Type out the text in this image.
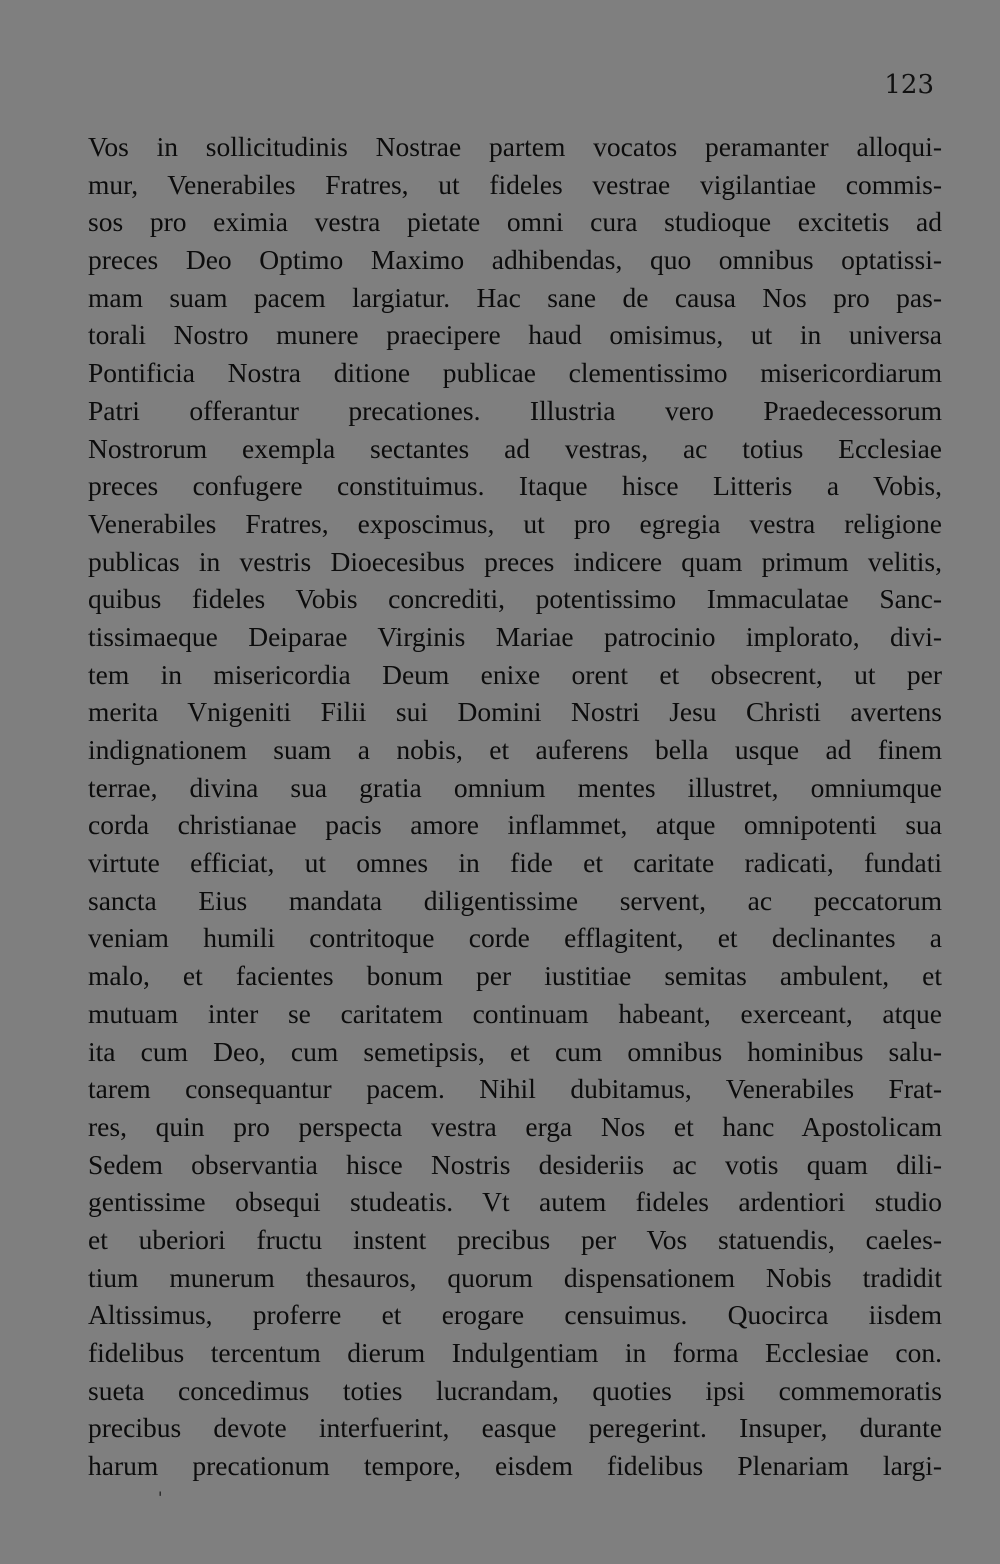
123
Vos in sollicitudinis Nostrae partem vocatos peramanter alloqui-
mur, Venerabiles Fratres, ut fideles vestrae vigilantiae commis-
sos pro eximia vestra pietate omni cura studioque excitetis ad
preces Deo Optimo Maximo adhibendas, quo omnibus optatissi-
mam suam pacem largiatur. Hac sane de causa Nos pro pas-
torali Nostro munere praecipere haud omisimus, ut in universa
Pontificia Nostra ditione publicae clementissimo misericordiarum
Patri offerantur precationes. Illustria vero Praedecessorum
Nostrorum exempla sectantes ad vestras, ac totius Ecclesiae
preces confugere constituimus. Itaque hisce Litteris a Vobis,
Venerabiles Fratres, exposcimus, ut pro egregia vestra religione
publicas in vestris Dioecesibus preces indicere quam primum velitis,
quibus fideles Vobis concrediti, potentissimo Immaculatae Sanc-
tissimaeque Deiparae Virginis Mariae patrocinio implorato, divi-
tem in misericordia Deum enixe orent et obsecrent, ut per
merita Vnigeniti Filii sui Domini Nostri Jesu Christi avertens
indignationem suam a nobis, et auferens bella usque ad finem
terrae, divina sua gratia omnium mentes illustret, omniumque
corda christianae pacis amore inflammet, atque omnipotenti sua
virtute efficiat, ut omnes in fide et caritate radicati, fundati
sancta Eius mandata diligentissime servent, ac peccatorum
veniam humili contritoque corde efflagitent, et declinantes a
malo, et facientes bonum per iustitiae semitas ambulent, et
mutuam inter se caritatem continuam habeant, exerceant, atque
ita cum Deo, cum semetipsis, et cum omnibus hominibus salu-
tarem consequantur pacem. Nihil dubitamus, Venerabiles Frat-
res, quin pro perspecta vestra erga Nos et hanc Apostolicam
Sedem observantia hisce Nostris desideriis ac votis quam dili-
gentissime obsequi studeatis. Vt autem fideles ardentiori studio
et uberiori fructu instent precibus per Vos statuendis, caeles-
tium munerum thesauros, quorum dispensationem Nobis tradidit
Altissimus, proferre et erogare censuimus. Quocirca iisdem
fidelibus tercentum dierum Indulgentiam in forma Ecclesiae con.
sueta concedimus toties lucrandam, quoties ipsi commemoratis
precibus devote interfuerint, easque peregerint. Insuper, durante
harum precationum tempore, eisdem fidelibus Plenariam largi-
'
